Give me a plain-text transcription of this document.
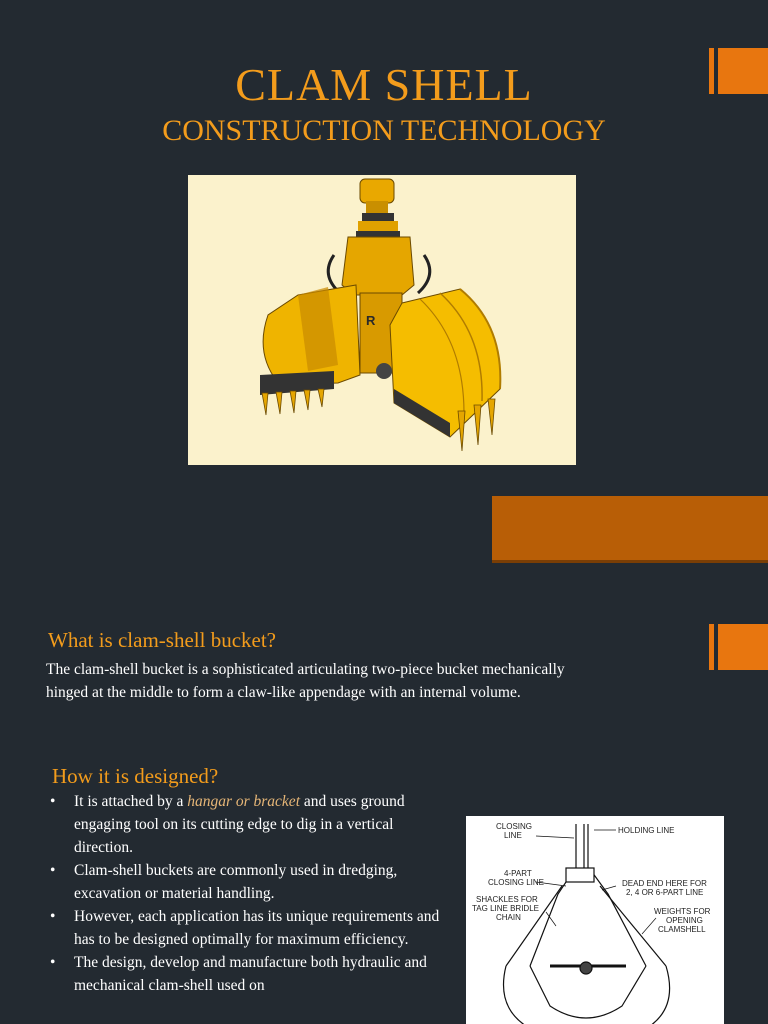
CLAM SHELL
CONSTRUCTION TECHNOLOGY
R
What is clam-shell bucket?
The clam-shell bucket is a sophisticated articulating two-piece bucket mechanically hinged at the middle to form a claw-like appendage with an internal volume.
How it is designed?
• It is attached by a hangar or bracket and uses ground engaging tool on its cutting edge to dig in a vertical direction.
• Clam-shell buckets are commonly used in dredging, excavation or material handling.
• However, each application has its unique requirements and has to be designed optimally for maximum efficiency.
• The design, develop and manufacture both hydraulic and mechanical clam-shell used on
CLOSING
LINE
HOLDING LINE
4-PART
CLOSING LINE
SHACKLES FOR
TAG LINE BRIDLE
CHAIN
DEAD END HERE FOR
2, 4 OR 6-PART LINE
WEIGHTS FOR
OPENING
CLAMSHELL
